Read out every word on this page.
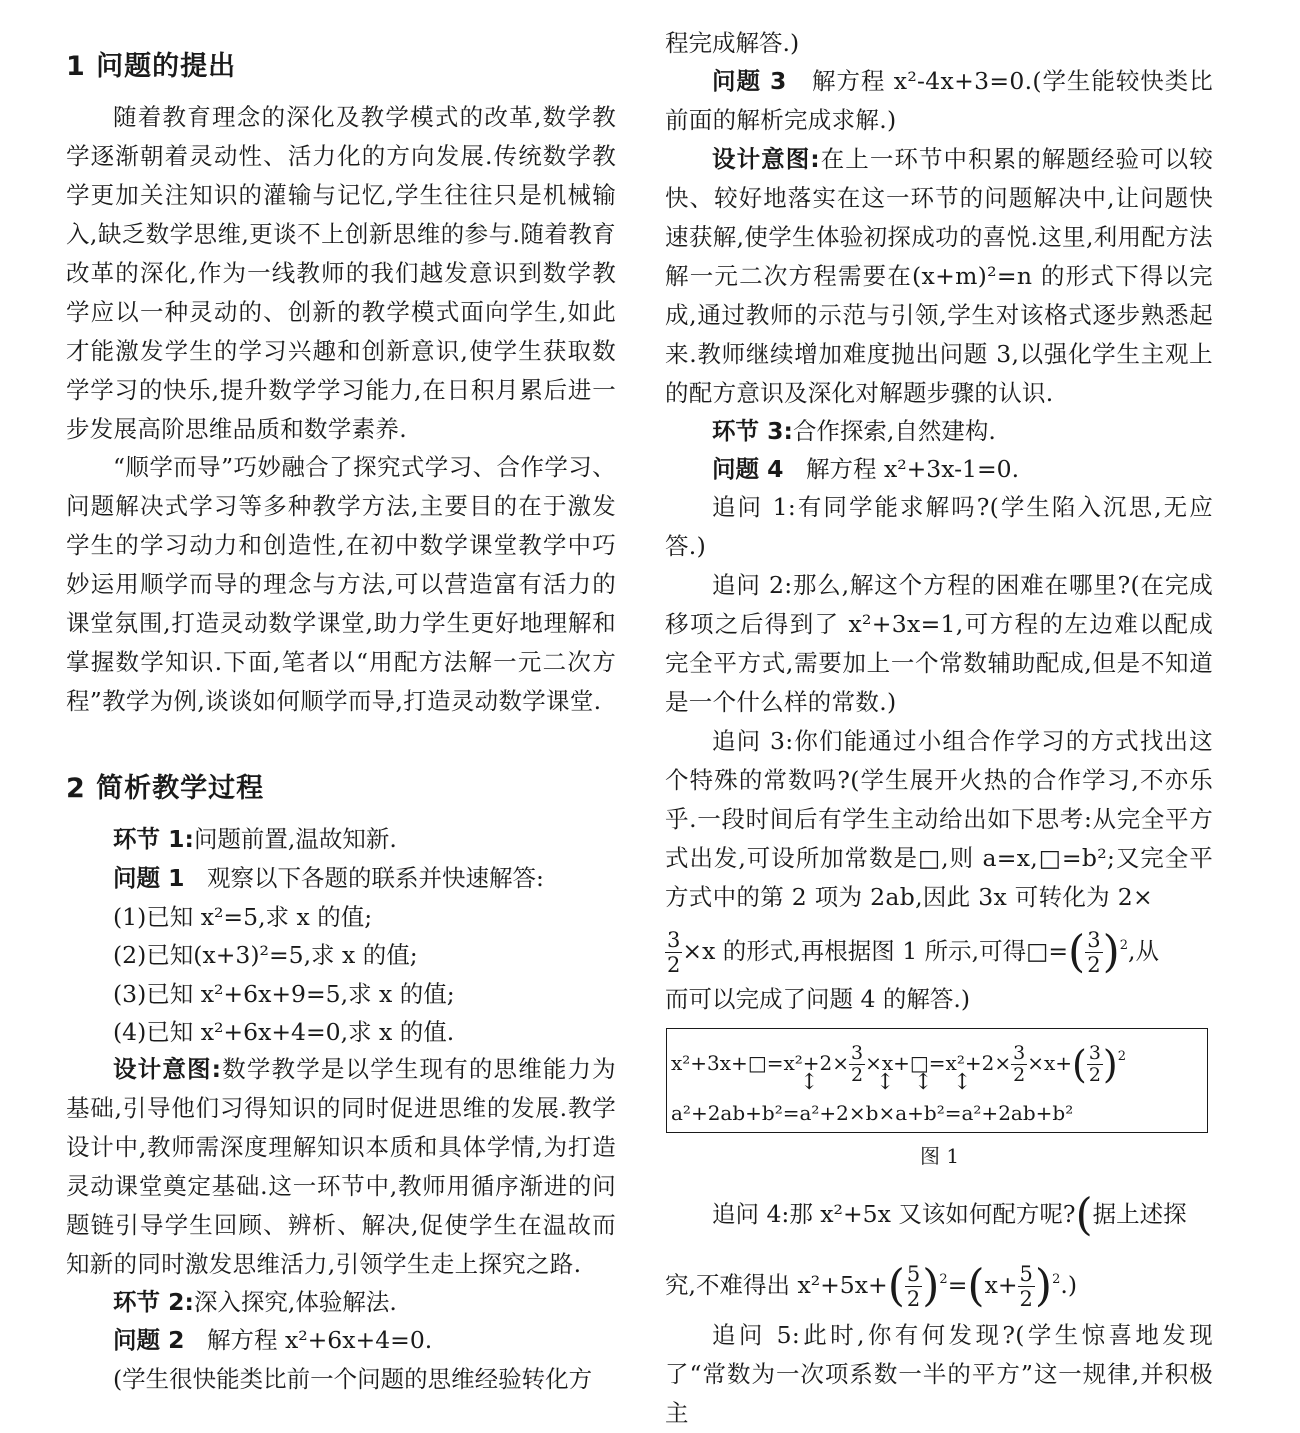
1 问题的提出

随着教育理念的深化及教学模式的改革,数学教学逐渐朝着灵动性、活力化的方向发展.传统数学教学更加关注知识的灌输与记忆,学生往往只是机械输入,缺乏数学思维,更谈不上创新思维的参与.随着教育改革的深化,作为一线教师的我们越发意识到数学教学应以一种灵动的、创新的教学模式面向学生,如此才能激发学生的学习兴趣和创新意识,使学生获取数学学习的快乐,提升数学学习能力,在日积月累后进一步发展高阶思维品质和数学素养.

“顺学而导”巧妙融合了探究式学习、合作学习、问题解决式学习等多种教学方法,主要目的在于激发学生的学习动力和创造性,在初中数学课堂教学中巧妙运用顺学而导的理念与方法,可以营造富有活力的课堂氛围,打造灵动数学课堂,助力学生更好地理解和掌握数学知识.下面,笔者以“用配方法解一元二次方程”教学为例,谈谈如何顺学而导,打造灵动数学课堂.

2 简析教学过程
环节 1:问题前置,温故知新.
问题 1 观察以下各题的联系并快速解答:
(1)已知 x²=5,求 x 的值;
(2)已知(x+3)²=5,求 x 的值;
(3)已知 x²+6x+9=5,求 x 的值;
(4)已知 x²+6x+4=0,求 x 的值.

设计意图:数学教学是以学生现有的思维能力为基础,引导他们习得知识的同时促进思维的发展.教学设计中,教师需深度理解知识本质和具体学情,为打造灵动课堂奠定基础.这一环节中,教师用循序渐进的问题链引导学生回顾、辨析、解决,促使学生在温故而知新的同时激发思维活力,引领学生走上探究之路.

环节 2:深入探究,体验解法.
问题 2 解方程 x²+6x+4=0.
(学生很快能类比前一个问题的思维经验转化方
程完成解答.)

问题 3 解方程 x²-4x+3=0.(学生能较快类比前面的解析完成求解.)

设计意图:在上一环节中积累的解题经验可以较快、较好地落实在这一环节的问题解决中,让问题快速获解,使学生体验初探成功的喜悦.这里,利用配方法解一元二次方程需要在(x+m)²=n 的形式下得以完成,通过教师的示范与引领,学生对该格式逐步熟悉起来.教师继续增加难度抛出问题 3,以强化学生主观上的配方意识及深化对解题步骤的认识.

环节 3:合作探索,自然建构.
问题 4 解方程 x²+3x-1=0.

追问 1:有同学能求解吗?(学生陷入沉思,无应答.)

追问 2:那么,解这个方程的困难在哪里?(在完成移项之后得到了 x²+3x=1,可方程的左边难以配成完全平方式,需要加上一个常数辅助配成,但是不知道是一个什么样的常数.)

追问 3:你们能通过小组合作学习的方式找出这个特殊的常数吗?(学生展开火热的合作学习,不亦乐乎.一段时间后有学生主动给出如下思考:从完全平方式出发,可设所加常数是□,则 a=x,□=b²;又完全平方式中的第 2 项为 2ab,因此 3x 可转化为 2×

$\frac{3}{2} \times x$ 的形式,再根据图 1 所示,可得□=( $\frac{3}{2} )^2$,从
而可以完成了问题 4 的解答.)
x²+3x+□=x²+2× $\frac{3}{2}$ ×x+□=x²+2× $\frac{3}{2} \times x+( \frac{3}{2} )^2$
↕	↕ ↕ ↕
a²+2ab+b²=a²+2×b×a+b²=a²+2ab+b²
图 1
追问 4:那 x²+5x 又该如何配方呢?(据上述探
究,不难得出 $x^2+5x+( \frac{5}{2} )^2=(x+ \frac{5}{2} )^2$.)

追问 5:此时,你有何发现?(学生惊喜地发现了“常数为一次项系数一半的平方”这一规律,并积极主
